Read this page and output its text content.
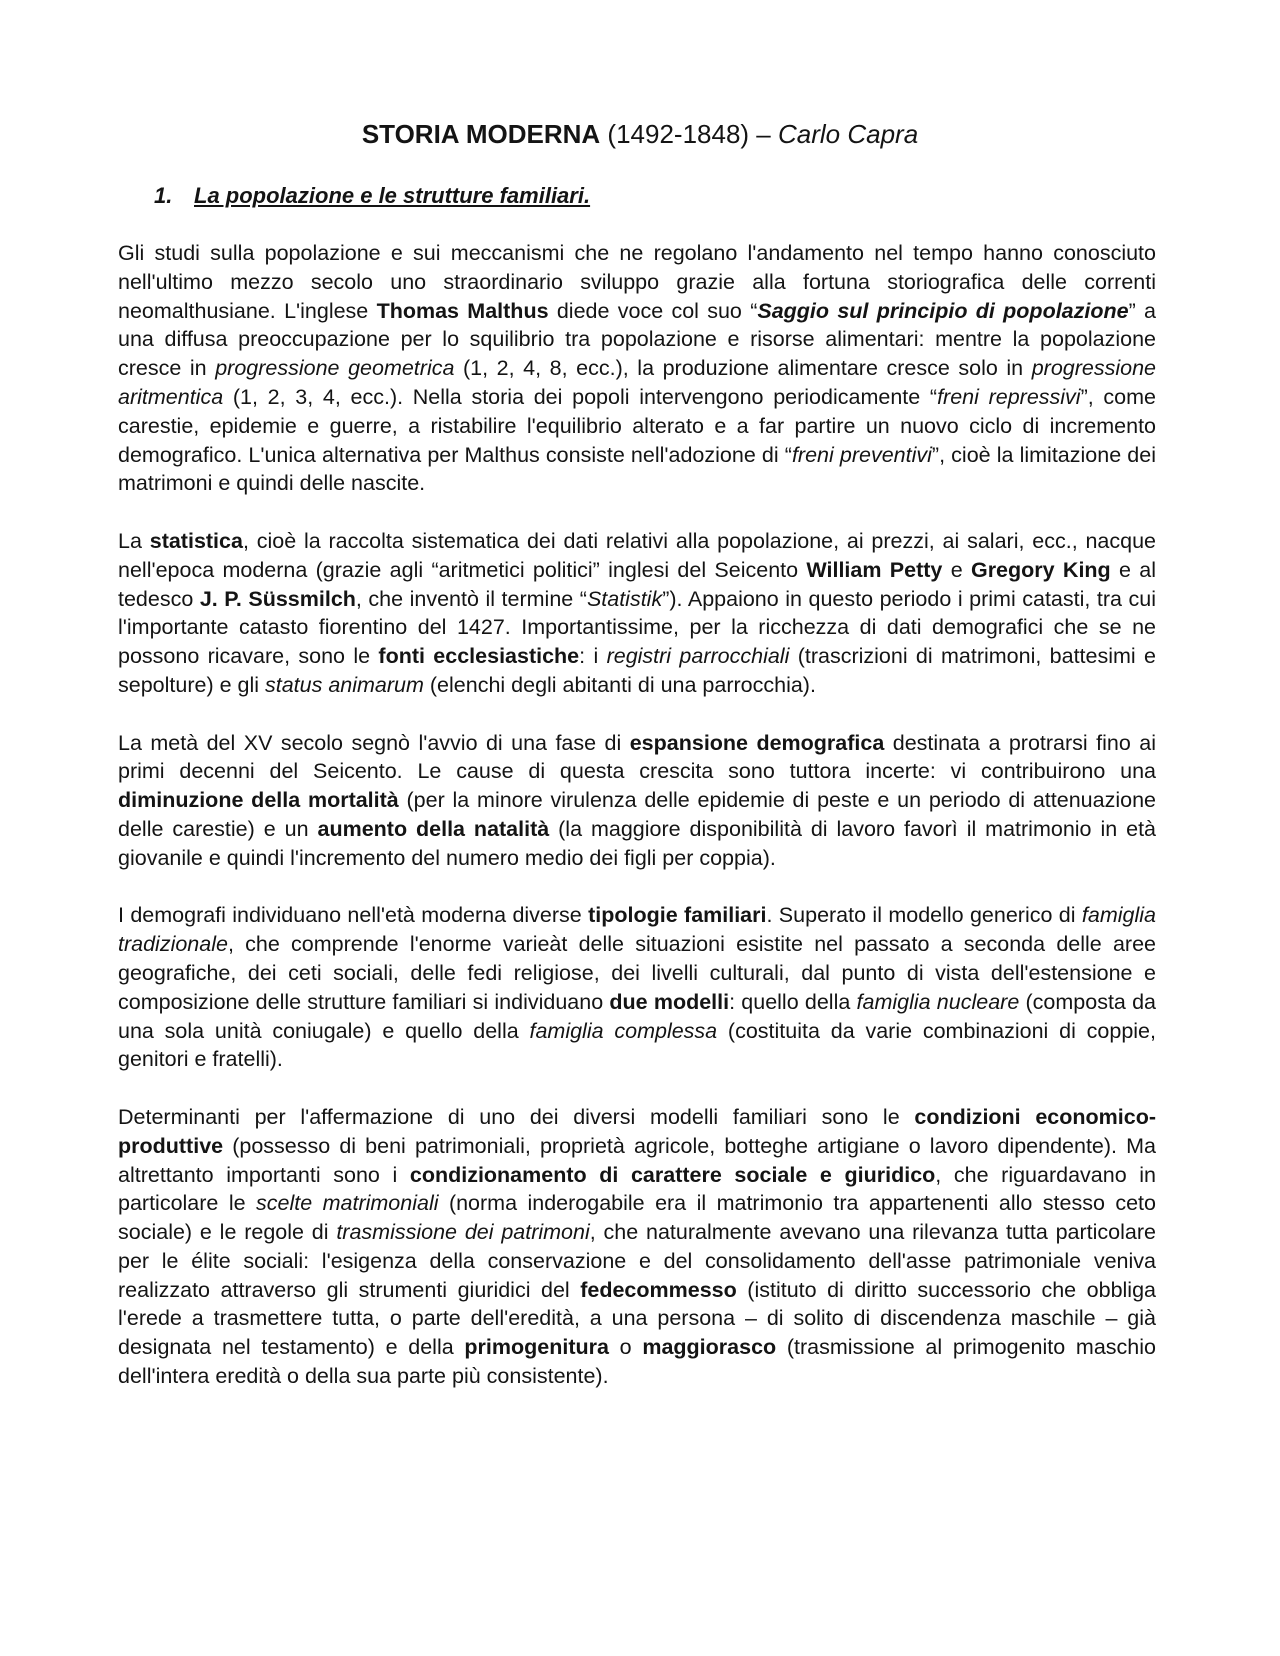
STORIA MODERNA (1492-1848) – Carlo Capra
1. La popolazione e le strutture familiari.

Gli studi sulla popolazione e sui meccanismi che ne regolano l'andamento nel tempo hanno conosciuto nell'ultimo mezzo secolo uno straordinario sviluppo grazie alla fortuna storiografica delle correnti neomalthusiane. L'inglese Thomas Malthus diede voce col suo “Saggio sul principio di popolazione” a una diffusa preoccupazione per lo squilibrio tra popolazione e risorse alimentari: mentre la popolazione cresce in progressione geometrica (1, 2, 4, 8, ecc.), la produzione alimentare cresce solo in progressione aritmentica (1, 2, 3, 4, ecc.). Nella storia dei popoli intervengono periodicamente “freni repressivi”, come carestie, epidemie e guerre, a ristabilire l'equilibrio alterato e a far partire un nuovo ciclo di incremento demografico. L'unica alternativa per Malthus consiste nell'adozione di “freni preventivi”, cioè la limitazione dei matrimoni e quindi delle nascite.

La statistica, cioè la raccolta sistematica dei dati relativi alla popolazione, ai prezzi, ai salari, ecc., nacque nell'epoca moderna (grazie agli “aritmetici politici” inglesi del Seicento William Petty e Gregory King e al tedesco J. P. Süssmilch, che inventò il termine “Statistik”). Appaiono in questo periodo i primi catasti, tra cui l'importante catasto fiorentino del 1427. Importantissime, per la ricchezza di dati demografici che se ne possono ricavare, sono le fonti ecclesiastiche: i registri parrocchiali (trascrizioni di matrimoni, battesimi e sepolture) e gli status animarum (elenchi degli abitanti di una parrocchia).

La metà del XV secolo segnò l'avvio di una fase di espansione demografica destinata a protrarsi fino ai primi decenni del Seicento. Le cause di questa crescita sono tuttora incerte: vi contribuirono una diminuzione della mortalità (per la minore virulenza delle epidemie di peste e un periodo di attenuazione delle carestie) e un aumento della natalità (la maggiore disponibilità di lavoro favorì il matrimonio in età giovanile e quindi l'incremento del numero medio dei figli per coppia).

I demografi individuano nell'età moderna diverse tipologie familiari. Superato il modello generico di famiglia tradizionale, che comprende l'enorme varieàt delle situazioni esistite nel passato a seconda delle aree geografiche, dei ceti sociali, delle fedi religiose, dei livelli culturali, dal punto di vista dell'estensione e composizione delle strutture familiari si individuano due modelli: quello della famiglia nucleare (composta da una sola unità coniugale) e quello della famiglia complessa (costituita da varie combinazioni di coppie, genitori e fratelli).

Determinanti per l'affermazione di uno dei diversi modelli familiari sono le condizioni economico-produttive (possesso di beni patrimoniali, proprietà agricole, botteghe artigiane o lavoro dipendente). Ma altrettanto importanti sono i condizionamento di carattere sociale e giuridico, che riguardavano in particolare le scelte matrimoniali (norma inderogabile era il matrimonio tra appartenenti allo stesso ceto sociale) e le regole di trasmissione dei patrimoni, che naturalmente avevano una rilevanza tutta particolare per le élite sociali: l'esigenza della conservazione e del consolidamento dell'asse patrimoniale veniva realizzato attraverso gli strumenti giuridici del fedecommesso (istituto di diritto successorio che obbliga l'erede a trasmettere tutta, o parte dell'eredità, a una persona – di solito di discendenza maschile – già designata nel testamento) e della primogenitura o maggiorasco (trasmissione al primogenito maschio dell'intera eredità o della sua parte più consistente).
